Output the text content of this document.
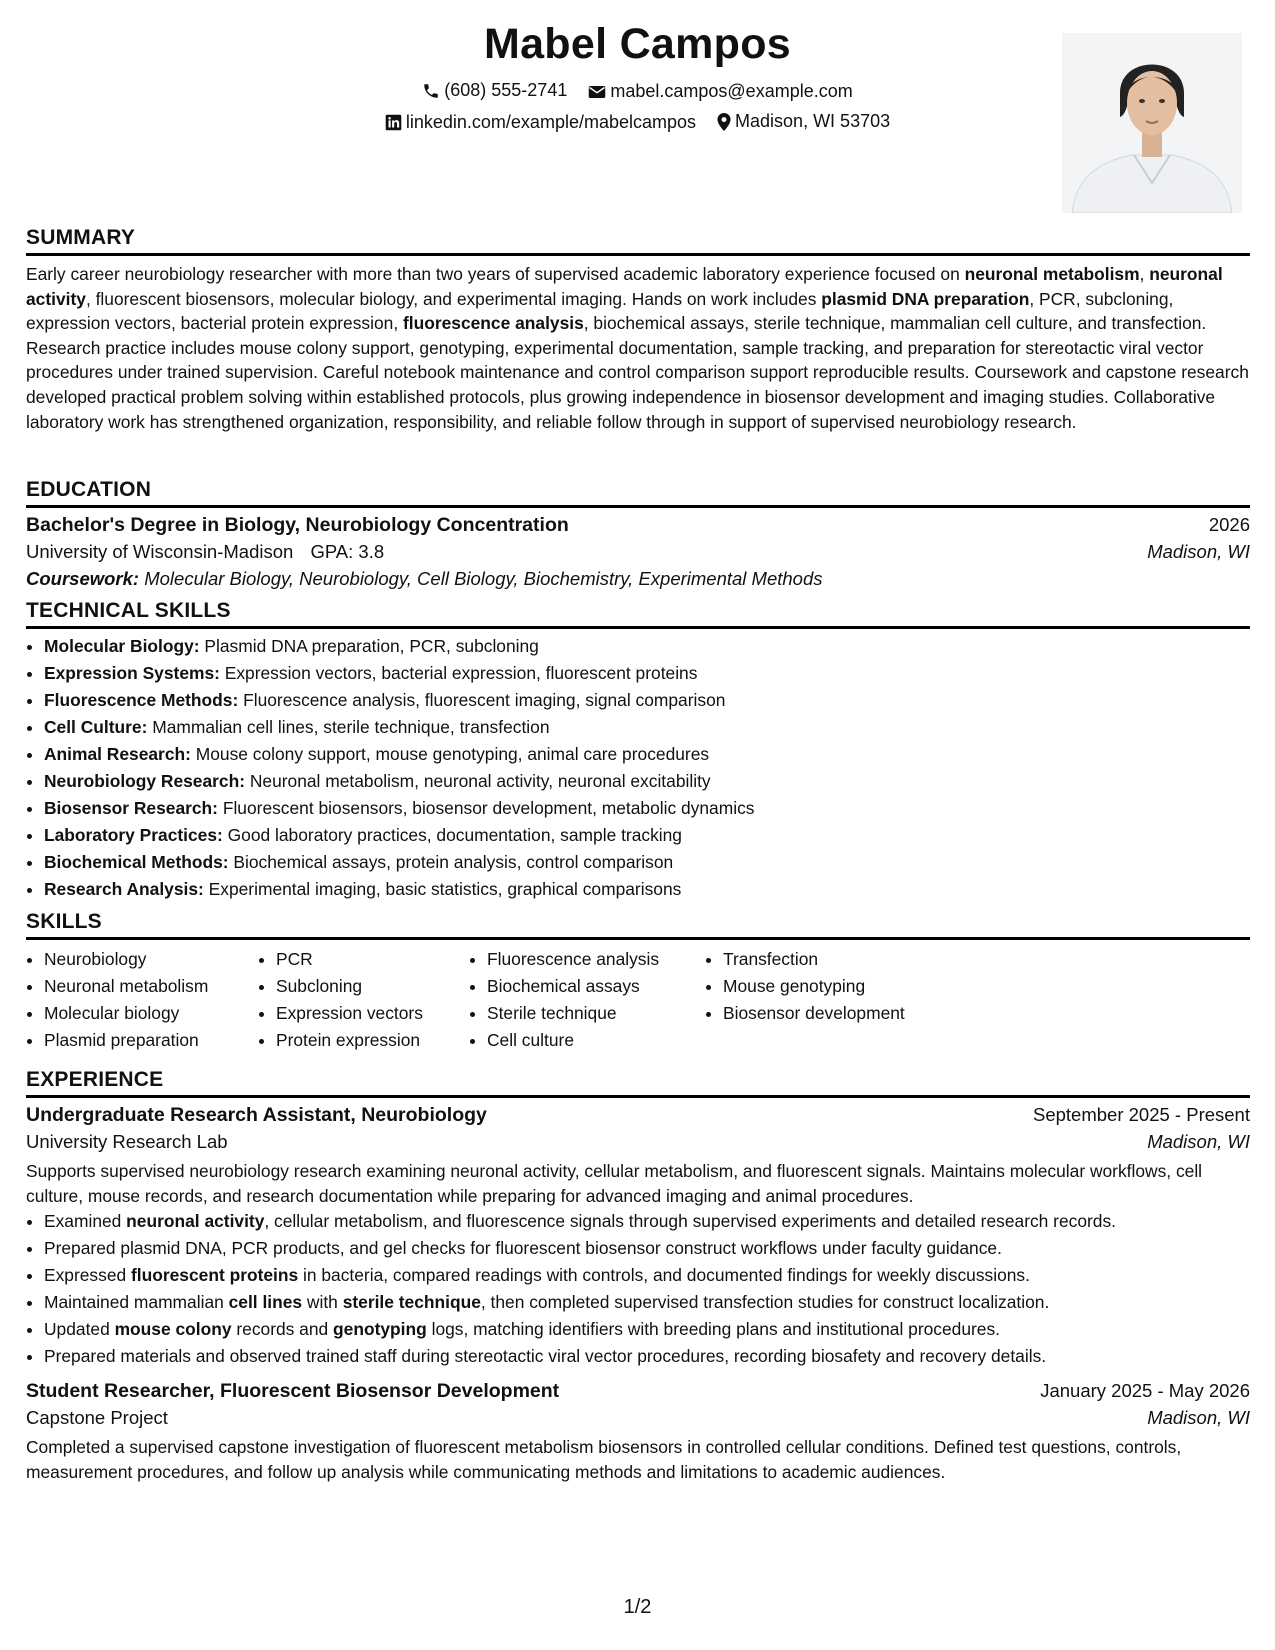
Mabel Campos
(608) 555-2741
mabel.campos@example.com
linkedin.com/example/mabelcampos
Madison, WI 53703
SUMMARY
Early career neurobiology researcher with more than two years of supervised academic laboratory experience focused on neuronal metabolism, neuronal activity, fluorescent biosensors, molecular biology, and experimental imaging. Hands on work includes plasmid DNA preparation, PCR, subcloning, expression vectors, bacterial protein expression, fluorescence analysis, biochemical assays, sterile technique, mammalian cell culture, and transfection. Research practice includes mouse colony support, genotyping, experimental documentation, sample tracking, and preparation for stereotactic viral vector procedures under trained supervision. Careful notebook maintenance and control comparison support reproducible results. Coursework and capstone research developed practical problem solving within established protocols, plus growing independence in biosensor development and imaging studies. Collaborative laboratory work has strengthened organization, responsibility, and reliable follow through in support of supervised neurobiology research.
EDUCATION
Bachelor's Degree in Biology, Neurobiology Concentration	2026
University of Wisconsin-Madison GPA: 3.8	Madison, WI
Coursework: Molecular Biology, Neurobiology, Cell Biology, Biochemistry, Experimental Methods
TECHNICAL SKILLS
• Molecular Biology: Plasmid DNA preparation, PCR, subcloning
• Expression Systems: Expression vectors, bacterial expression, fluorescent proteins
• Fluorescence Methods: Fluorescence analysis, fluorescent imaging, signal comparison
• Cell Culture: Mammalian cell lines, sterile technique, transfection
• Animal Research: Mouse colony support, mouse genotyping, animal care procedures
• Neurobiology Research: Neuronal metabolism, neuronal activity, neuronal excitability
• Biosensor Research: Fluorescent biosensors, biosensor development, metabolic dynamics
• Laboratory Practices: Good laboratory practices, documentation, sample tracking
• Biochemical Methods: Biochemical assays, protein analysis, control comparison
• Research Analysis: Experimental imaging, basic statistics, graphical comparisons
SKILLS
• Neurobiology
• Neuronal metabolism
• Molecular biology
• Plasmid preparation
• PCR
• Subcloning
• Expression vectors
• Protein expression
• Fluorescence analysis
• Biochemical assays
• Sterile technique
• Cell culture
• Transfection
• Mouse genotyping
• Biosensor development
EXPERIENCE
Undergraduate Research Assistant, Neurobiology	September 2025 - Present
University Research Lab	Madison, WI
Supports supervised neurobiology research examining neuronal activity, cellular metabolism, and fluorescent signals. Maintains molecular workflows, cell culture, mouse records, and research documentation while preparing for advanced imaging and animal procedures.
• Examined neuronal activity, cellular metabolism, and fluorescence signals through supervised experiments and detailed research records.
• Prepared plasmid DNA, PCR products, and gel checks for fluorescent biosensor construct workflows under faculty guidance.
• Expressed fluorescent proteins in bacteria, compared readings with controls, and documented findings for weekly discussions.
• Maintained mammalian cell lines with sterile technique, then completed supervised transfection studies for construct localization.
• Updated mouse colony records and genotyping logs, matching identifiers with breeding plans and institutional procedures.
• Prepared materials and observed trained staff during stereotactic viral vector procedures, recording biosafety and recovery details.
Student Researcher, Fluorescent Biosensor Development	January 2025 - May 2026
Capstone Project	Madison, WI
Completed a supervised capstone investigation of fluorescent metabolism biosensors in controlled cellular conditions. Defined test questions, controls, measurement procedures, and follow up analysis while communicating methods and limitations to academic audiences.
1/2
